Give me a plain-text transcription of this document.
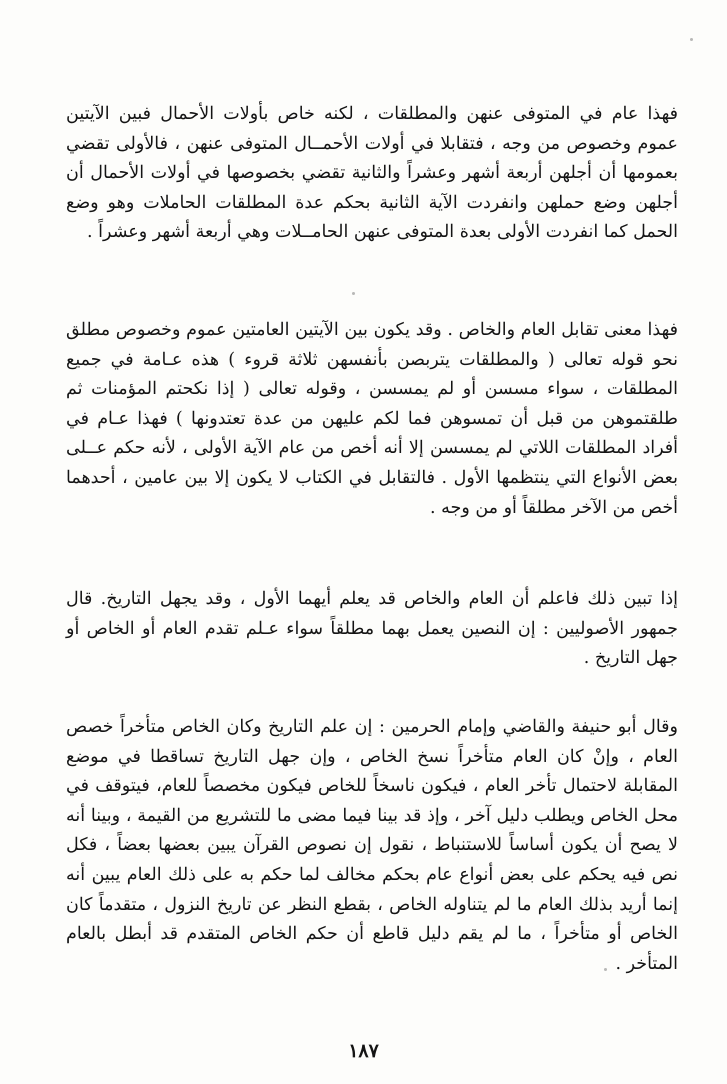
فهذا عام في المتوفى عنهن والمطلقات ، لكنه خاص بأولات الأحمال فبين الآيتين عموم وخصوص من وجه ، فتقابلا في أولات الأحمــال المتوفى عنهن ، فالأولى تقضي بعمومها أن أجلهن أربعة أشهر وعشراً والثانية تقضي بخصوصها في أولات الأحمال أن أجلهن وضع حملهن وانفردت الآية الثانية بحكم عدة المطلقات الحاملات وهو وضع الحمل كما انفردت الأولى بعدة المتوفى عنهن الحامــلات وهي أربعة أشهر وعشراً .

فهذا معنى تقابل العام والخاص . وقد يكون بين الآيتين العامتين عموم وخصوص مطلق نحو قوله تعالى ( والمطلقات يتربصن بأنفسهن ثلاثة قروء ) هذه عـامة في جميع المطلقات ، سواء مسسن أو لم يمسسن ، وقوله تعالى ( إذا نكحتم المؤمنات ثم طلقتموهن من قبل أن تمسوهن فما لكم عليهن من عدة تعتدونها ) فهذا عـام في أفراد المطلقات اللاتي لم يمسسن إلا أنه أخص من عام الآية الأولى ، لأنه حكم عــلى بعض الأنواع التي ينتظمها الأول . فالتقابل في الكتاب لا يكون إلا بين عامين ، أحدهما أخص من الآخر مطلقاً أو من وجه .

إذا تبين ذلك فاعلم أن العام والخاص قد يعلم أيهما الأول ، وقد يجهل التاريخ. قال جمهور الأصوليين : إن النصين يعمل بهما مطلقاً سواء عـلم تقدم العام أو الخاص أو جهل التاريخ .

وقال أبو حنيفة والقاضي وإمام الحرمين : إن علم التاريخ وكان الخاص متأخراً خصص العام ، وإنْ كان العام متأخراً نسخ الخاص ، وإن جهل التاريخ تساقطا في موضع المقابلة لاحتمال تأخر العام ، فيكون ناسخاً للخاص فيكون مخصصاً للعام، فيتوقف في محل الخاص ويطلب دليل آخر ، وإذ قد بينا فيما مضى ما للتشريع من القيمة ، وبينا أنه لا يصح أن يكون أساساً للاستنباط ، نقول إن نصوص القرآن يبين بعضها بعضاً ، فكل نص فيه يحكم على بعض أنواع عام بحكم مخالف لما حكم به على ذلك العام يبين أنه إنما أريد بذلك العام ما لم يتناوله الخاص ، بقطع النظر عن تاريخ النزول ، متقدماً كان الخاص أو متأخراً ، ما لم يقم دليل قاطع أن حكم الخاص المتقدم قد أبطل بالعام المتأخر .

١٨٧
